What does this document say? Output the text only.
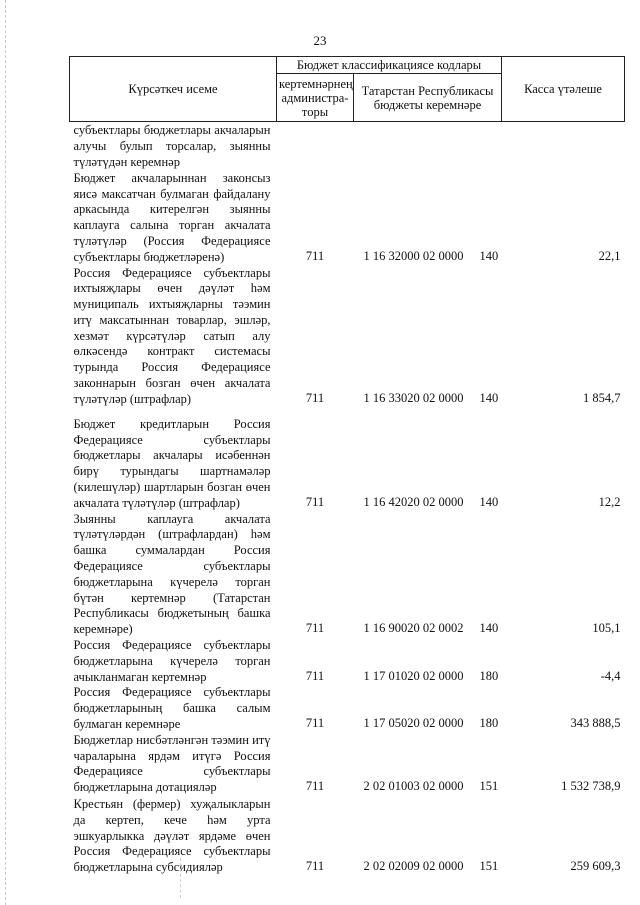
23
Күрсәткеч исеме	Бюджет классификациясе кодлары			Касса үтәлеше
	кертемнәрнең администра-торы	Татарстан Республикасы бюджеты керемнәре		
субъектлары бюджетлары акчаларын алучы булып торсалар, зыянны түләтүдән керемнәр				
Бюджет акчаларыннан законсыз яисә максатчан булмаган файдалану аркасында китерелгән зыянны каплауга салына торган акчалата түләтүләр (Россия Федерациясе субъектлары бюджетләренә)	711	1 16 32000 02 0000	140	22,1
Россия Федерациясе субъектлары ихтыяҗлары өчен дәүләт һәм муниципаль ихтыяҗларны тәэмин итү максатыннан товарлар, эшләр, хезмәт күрсәтүләр сатып алу өлкәсендә контракт системасы турында Россия Федерациясе законнарын бозган өчен акчалата түләтүләр (штрафлар)	711	1 16 33020 02 0000	140	1 854,7
Бюджет кредитларын Россия Федерациясе субъектлары бюджетлары акчалары исәбеннән бирү турындагы шартнамәләр (килешүләр) шартларын бозган өчен акчалата түләтүләр (штрафлар)	711	1 16 42020 02 0000	140	12,2
Зыянны каплауга акчалата түләтүләрдән (штрафлардан) һәм башка суммалардан Россия Федерациясе субъектлары бюджетларына күчерелә торган бүтән кертемнәр (Татарстан Республикасы бюджетының башка керемнәре)	711	1 16 90020 02 0002	140	105,1
Россия Федерациясе субъектлары бюджетларына күчерелә торган ачыкланмаган кертемнәр	711	1 17 01020 02 0000	180	-4,4
Россия Федерациясе субъектлары бюджетларының башка салым булмаган керемнәре	711	1 17 05020 02 0000	180	343 888,5
Бюджетлар нисбәтләнгән тәэмин итү чараларына ярдәм итүгә Россия Федерациясе субъектлары бюджетларына дотацияләр	711	2 02 01003 02 0000	151	1 532 738,9
Крестьян (фермер) хуҗалыкларын да кертеп, кече һәм урта эшкуарлыкка дәүләт ярдәме өчен Россия Федерациясе субъектлары бюджетларына субсидияләр	711	2 02 02009 02 0000	151	259 609,3
